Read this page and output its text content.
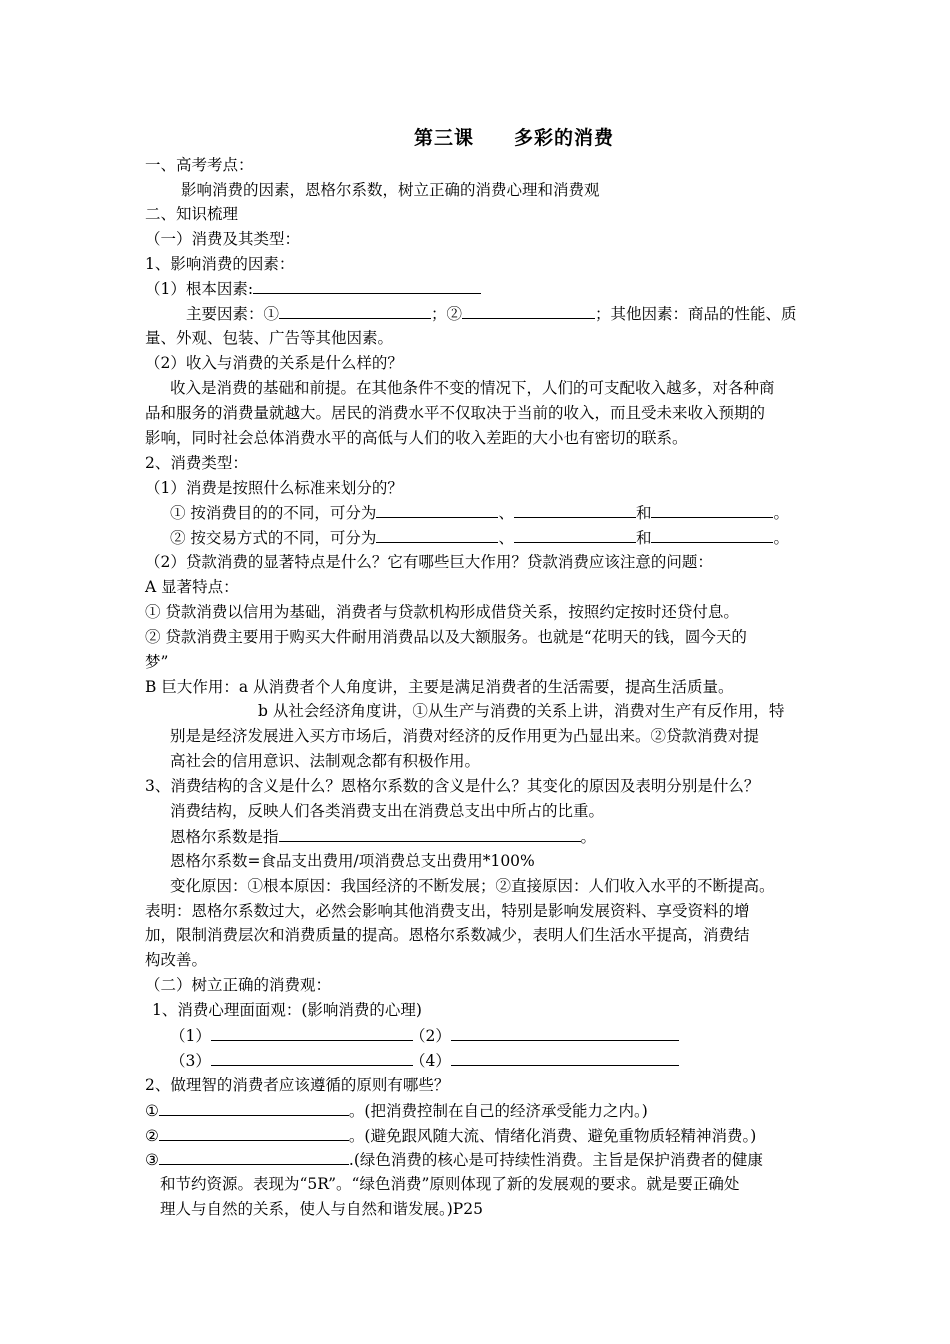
第三课　　多彩的消费
一、高考考点：
影响消费的因素，恩格尔系数，树立正确的消费心理和消费观
二、知识梳理
（一）消费及其类型：
1、影响消费的因素：
（1）根本因素:
主要因素：①	；②	；其他因素：商品的性能、质
量、外观、包装、广告等其他因素。
（2）收入与消费的关系是什么样的？
收入是消费的基础和前提。在其他条件不变的情况下，人们的可支配收入越多，对各种商
品和服务的消费量就越大。居民的消费水平不仅取决于当前的收入，而且受未来收入预期的
影响，同时社会总体消费水平的高低与人们的收入差距的大小也有密切的联系。
2、消费类型：
（1）消费是按照什么标准来划分的？
① 按消费目的的不同，可分为	、	和	。
② 按交易方式的不同，可分为	、	和	。
（2）贷款消费的显著特点是什么？它有哪些巨大作用？贷款消费应该注意的问题：
A 显著特点：
① 贷款消费以信用为基础，消费者与贷款机构形成借贷关系，按照约定按时还贷付息。
② 贷款消费主要用于购买大件耐用消费品以及大额服务。也就是“花明天的钱，圆今天的
梦”
B 巨大作用：a 从消费者个人角度讲，主要是满足消费者的生活需要，提高生活质量。
b 从社会经济角度讲，①从生产与消费的关系上讲，消费对生产有反作用，特
别是是经济发展进入买方市场后，消费对经济的反作用更为凸显出来。②贷款消费对提
高社会的信用意识、法制观念都有积极作用。
3、消费结构的含义是什么？恩格尔系数的含义是什么？其变化的原因及表明分别是什么？
消费结构，反映人们各类消费支出在消费总支出中所占的比重。
恩格尔系数是指	。
恩格尔系数=食品支出费用/项消费总支出费用*100%
变化原因：①根本原因：我国经济的不断发展；②直接原因：人们收入水平的不断提高。
表明：恩格尔系数过大，必然会影响其他消费支出，特别是影响发展资料、享受资料的增
加，限制消费层次和消费质量的提高。恩格尔系数减少，表明人们生活水平提高，消费结
构改善。
（二）树立正确的消费观：
1、消费心理面面观：(影响消费的心理)
（1）	（2）
（3）	（4）
2、做理智的消费者应该遵循的原则有哪些？
①	。(把消费控制在自己的经济承受能力之内。)
②	。(避免跟风随大流、情绪化消费、避免重物质轻精神消费。)
③	.(绿色消费的核心是可持续性消费。主旨是保护消费者的健康
和节约资源。表现为“5R”。“绿色消费”原则体现了新的发展观的要求。就是要正确处
理人与自然的关系，使人与自然和谐发展。)P25
